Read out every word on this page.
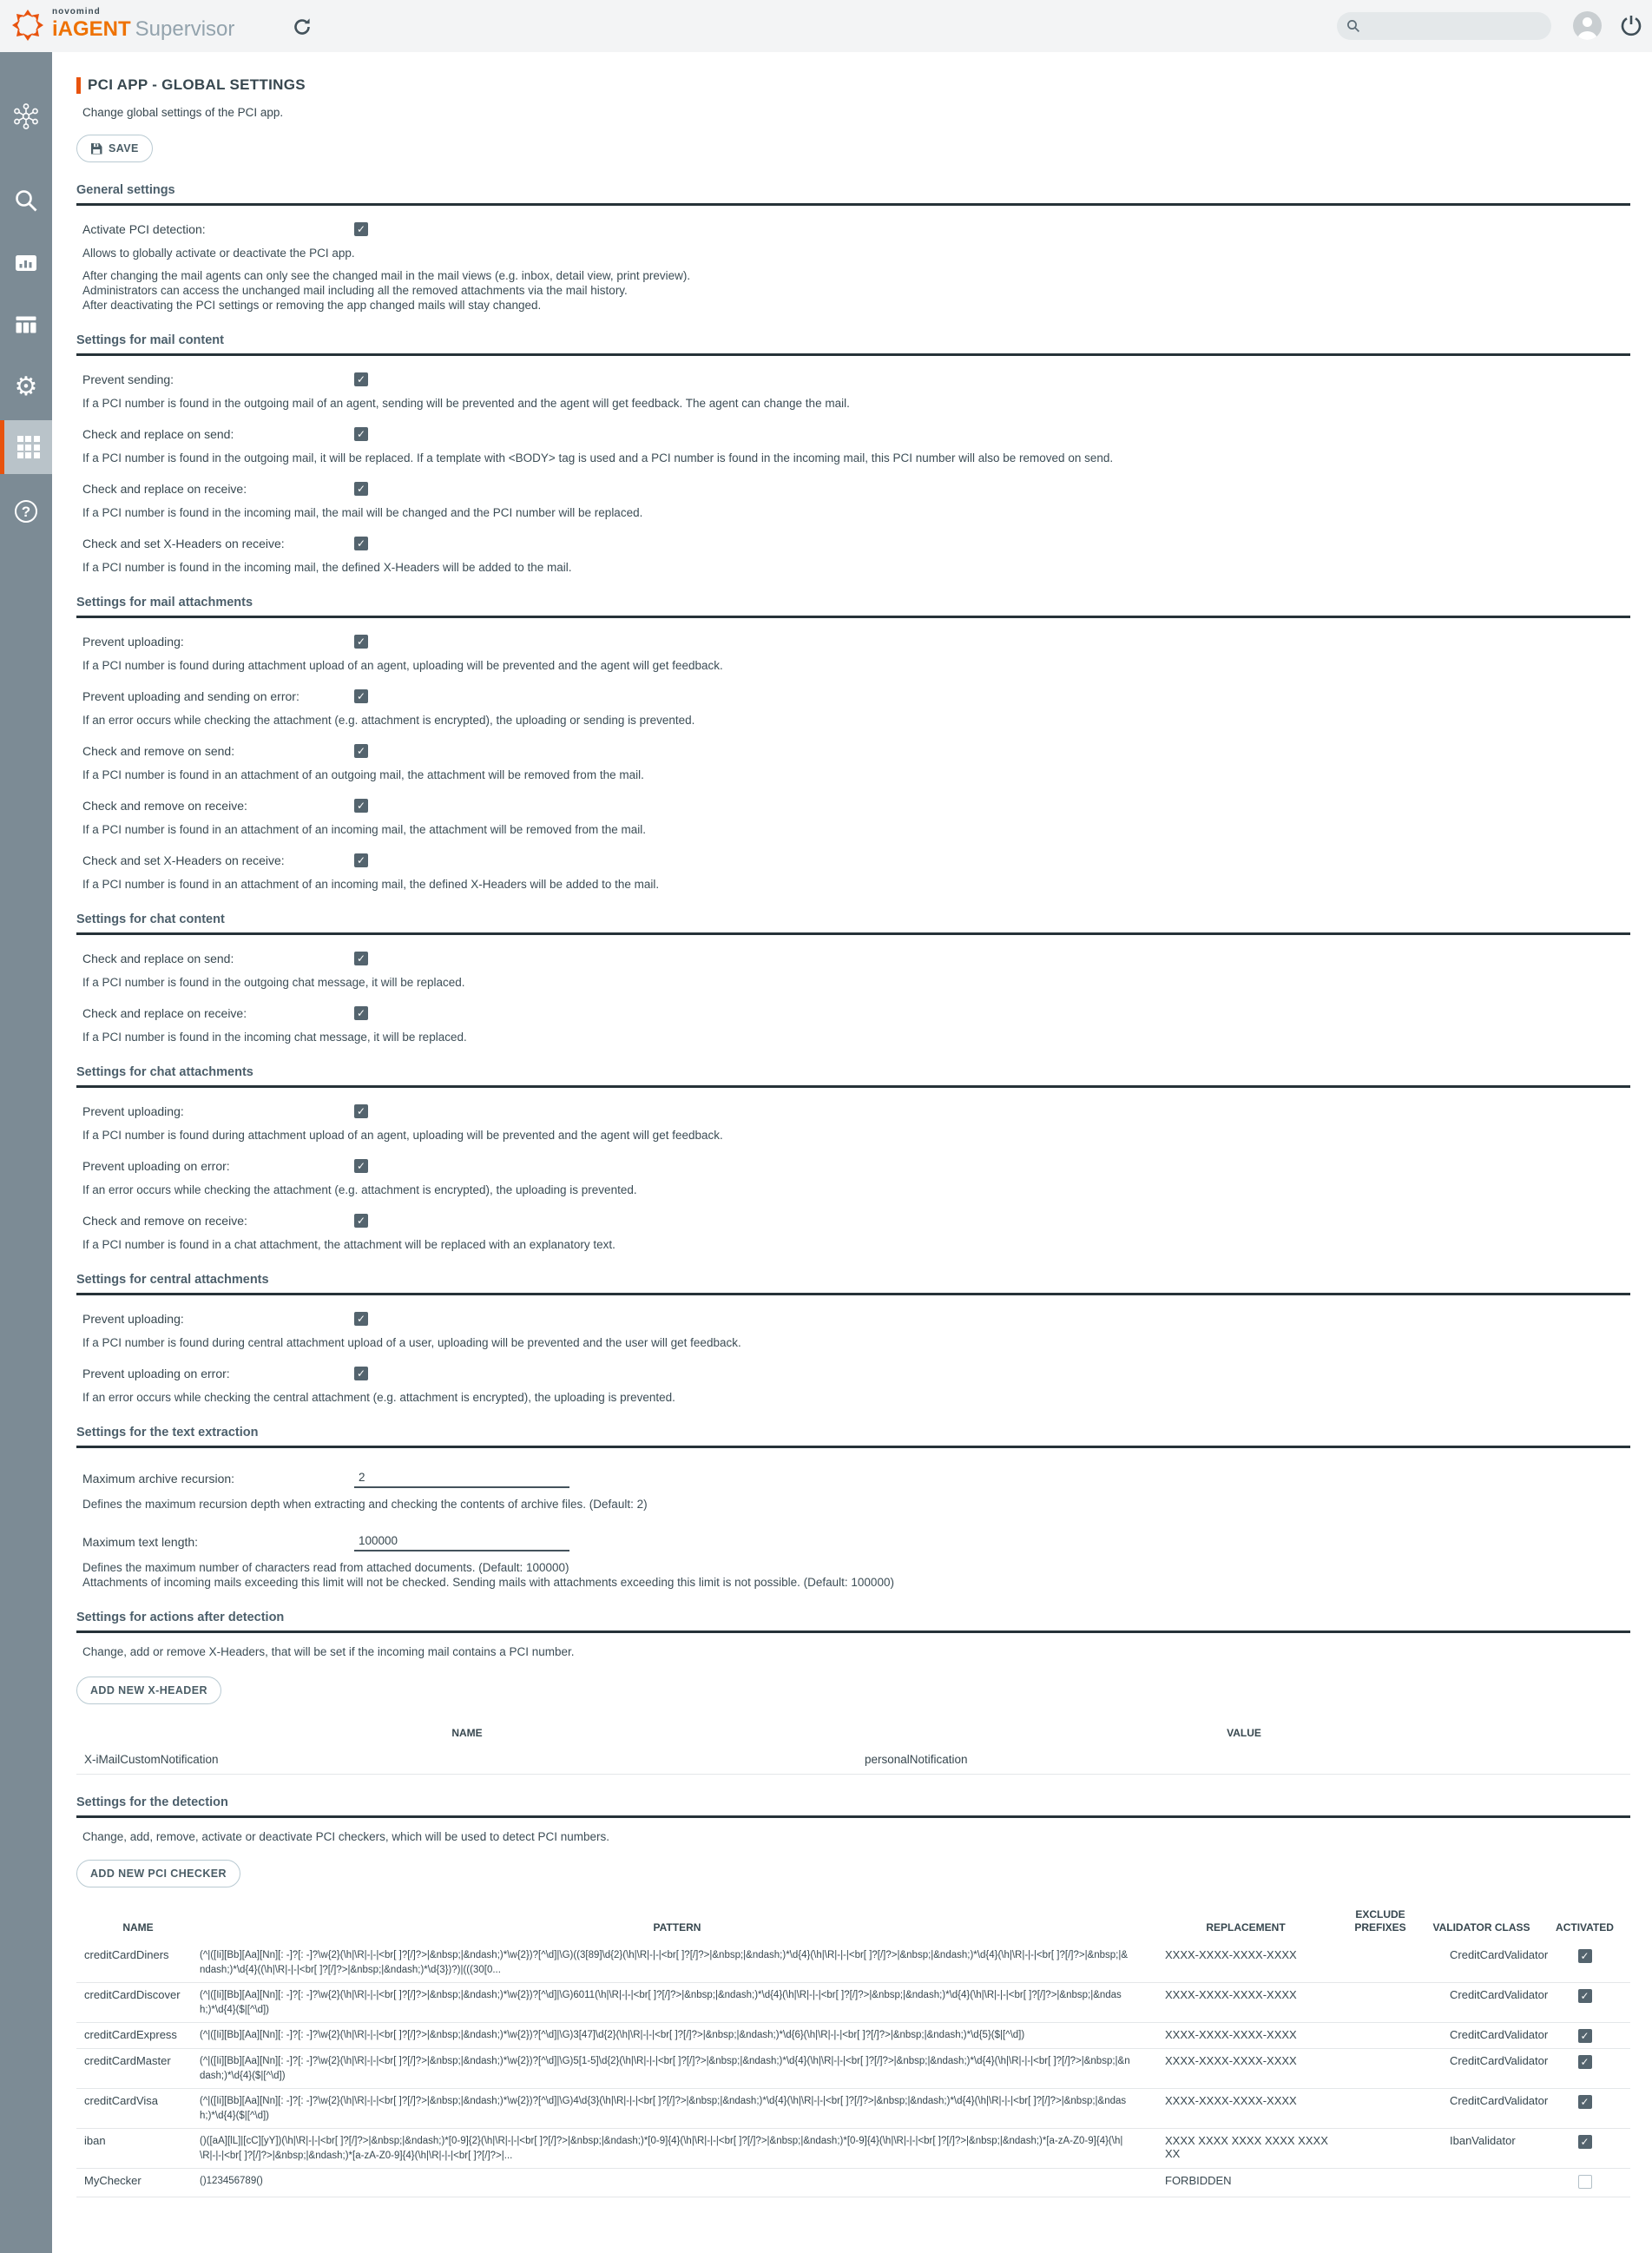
novomind
iAGENT Supervisor
⚙
?
PCI APP - GLOBAL SETTINGS
Change global settings of the PCI app.
SAVE
General settings
Activate PCI detection:
✓
Allows to globally activate or deactivate the PCI app.
After changing the mail agents can only see the changed mail in the mail views (e.g. inbox, detail view, print preview).
Administrators can access the unchanged mail including all the removed attachments via the mail history.
After deactivating the PCI settings or removing the app changed mails will stay changed.
Settings for mail content
Prevent sending:
✓
If a PCI number is found in the outgoing mail of an agent, sending will be prevented and the agent will get feedback. The agent can change the mail.
Check and replace on send:
✓
If a PCI number is found in the outgoing mail, it will be replaced. If a template with <BODY> tag is used and a PCI number is found in the incoming mail, this PCI number will also be removed on send.
Check and replace on receive:
✓
If a PCI number is found in the incoming mail, the mail will be changed and the PCI number will be replaced.
Check and set X-Headers on receive:
✓
If a PCI number is found in the incoming mail, the defined X-Headers will be added to the mail.
Settings for mail attachments
Prevent uploading:
✓
If a PCI number is found during attachment upload of an agent, uploading will be prevented and the agent will get feedback.
Prevent uploading and sending on error:
✓
If an error occurs while checking the attachment (e.g. attachment is encrypted), the uploading or sending is prevented.
Check and remove on send:
✓
If a PCI number is found in an attachment of an outgoing mail, the attachment will be removed from the mail.
Check and remove on receive:
✓
If a PCI number is found in an attachment of an incoming mail, the attachment will be removed from the mail.
Check and set X-Headers on receive:
✓
If a PCI number is found in an attachment of an incoming mail, the defined X-Headers will be added to the mail.
Settings for chat content
Check and replace on send:
✓
If a PCI number is found in the outgoing chat message, it will be replaced.
Check and replace on receive:
✓
If a PCI number is found in the incoming chat message, it will be replaced.
Settings for chat attachments
Prevent uploading:
✓
If a PCI number is found during attachment upload of an agent, uploading will be prevented and the agent will get feedback.
Prevent uploading on error:
✓
If an error occurs while checking the attachment (e.g. attachment is encrypted), the uploading is prevented.
Check and remove on receive:
✓
If a PCI number is found in a chat attachment, the attachment will be replaced with an explanatory text.
Settings for central attachments
Prevent uploading:
✓
If a PCI number is found during central attachment upload of a user, uploading will be prevented and the user will get feedback.
Prevent uploading on error:
✓
If an error occurs while checking the central attachment (e.g. attachment is encrypted), the uploading is prevented.
Settings for the text extraction
Maximum archive recursion:
2
Defines the maximum recursion depth when extracting and checking the contents of archive files. (Default: 2)
Maximum text length:
100000
Defines the maximum number of characters read from attached documents. (Default: 100000)
Attachments of incoming mails exceeding this limit will not be checked. Sending mails with attachments exceeding this limit is not possible. (Default: 100000)
Settings for actions after detection
Change, add or remove X-Headers, that will be set if the incoming mail contains a PCI number.
ADD NEW X-HEADER
NAME	VALUE
X-iMailCustomNotification	personalNotification
Settings for the detection
Change, add, remove, activate or deactivate PCI checkers, which will be used to detect PCI numbers.
ADD NEW PCI CHECKER
NAME	PATTERN	REPLACEMENT	EXCLUDE PREFIXES	VALIDATOR CLASS	ACTIVATED
creditCardDiners	(^|([Ii][Bb][Aa][Nn][: -]?[: -]?\w{2}(\h|\R|-|-|<br[ ]?[/]?>|&nbsp;|&ndash;)*\w{2})?[^\d]|\G)((3[89]\d{2}(\h|\R|-|-|<br[ ]?[/]?>|&nbsp;|&ndash;)*\d{4}(\h|\R|-|-|<br[ ]?[/]?>|&nbsp;|&ndash;)*\d{4}(\h|\R|-|-|<br[ ]?[/]?>|&nbsp;|&ndash;)*\d{4}((\h|\R|-|-|<br[ ]?[/]?>|&nbsp;|&ndash;)*\d{3})?)|(((30[0...	XXXX-XXXX-XXXX-XXXX		CreditCardValidator	✓
creditCardDiscover	(^|([Ii][Bb][Aa][Nn][: -]?[: -]?\w{2}(\h|\R|-|-|<br[ ]?[/]?>|&nbsp;|&ndash;)*\w{2})?[^\d]|\G)6011(\h|\R|-|-|<br[ ]?[/]?>|&nbsp;|&ndash;)*\d{4}(\h|\R|-|-|<br[ ]?[/]?>|&nbsp;|&ndash;)*\d{4}(\h|\R|-|-|<br[ ]?[/]?>|&nbsp;|&ndash;)*\d{4}($|[^\d])	XXXX-XXXX-XXXX-XXXX		CreditCardValidator	✓
creditCardExpress	(^|([Ii][Bb][Aa][Nn][: -]?[: -]?\w{2}(\h|\R|-|-|<br[ ]?[/]?>|&nbsp;|&ndash;)*\w{2})?[^\d]|\G)3[47]\d{2}(\h|\R|-|-|<br[ ]?[/]?>|&nbsp;|&ndash;)*\d{6}(\h|\R|-|-|<br[ ]?[/]?>|&nbsp;|&ndash;)*\d{5}($|[^\d])	XXXX-XXXX-XXXX-XXXX		CreditCardValidator	✓
creditCardMaster	(^|([Ii][Bb][Aa][Nn][: -]?[: -]?\w{2}(\h|\R|-|-|<br[ ]?[/]?>|&nbsp;|&ndash;)*\w{2})?[^\d]|\G)5[1-5]\d{2}(\h|\R|-|-|<br[ ]?[/]?>|&nbsp;|&ndash;)*\d{4}(\h|\R|-|-|<br[ ]?[/]?>|&nbsp;|&ndash;)*\d{4}(\h|\R|-|-|<br[ ]?[/]?>|&nbsp;|&ndash;)*\d{4}($|[^\d])	XXXX-XXXX-XXXX-XXXX		CreditCardValidator	✓
creditCardVisa	(^|([Ii][Bb][Aa][Nn][: -]?[: -]?\w{2}(\h|\R|-|-|<br[ ]?[/]?>|&nbsp;|&ndash;)*\w{2})?[^\d]|\G)4\d{3}(\h|\R|-|-|<br[ ]?[/]?>|&nbsp;|&ndash;)*\d{4}(\h|\R|-|-|<br[ ]?[/]?>|&nbsp;|&ndash;)*\d{4}(\h|\R|-|-|<br[ ]?[/]?>|&nbsp;|&ndash;)*\d{4}($|[^\d])	XXXX-XXXX-XXXX-XXXX		CreditCardValidator	✓
iban	()([aA][lL]|[cC][yY])(\h|\R|-|-|<br[ ]?[/]?>|&nbsp;|&ndash;)*[0-9]{2}(\h|\R|-|-|<br[ ]?[/]?>|&nbsp;|&ndash;)*[0-9]{4}(\h|\R|-|-|<br[ ]?[/]?>|&nbsp;|&ndash;)*[0-9]{4}(\h|\R|-|-|<br[ ]?[/]?>|&nbsp;|&ndash;)*[a-zA-Z0-9]{4}(\h|\R|-|-|<br[ ]?[/]?>|&nbsp;|&ndash;)*[a-zA-Z0-9]{4}(\h|\R|-|-|<br[ ]?[/]?>|...	XXXX XXXX XXXX XXXX XXXX XX		IbanValidator	✓
MyChecker	()123456789()	FORBIDDEN			
